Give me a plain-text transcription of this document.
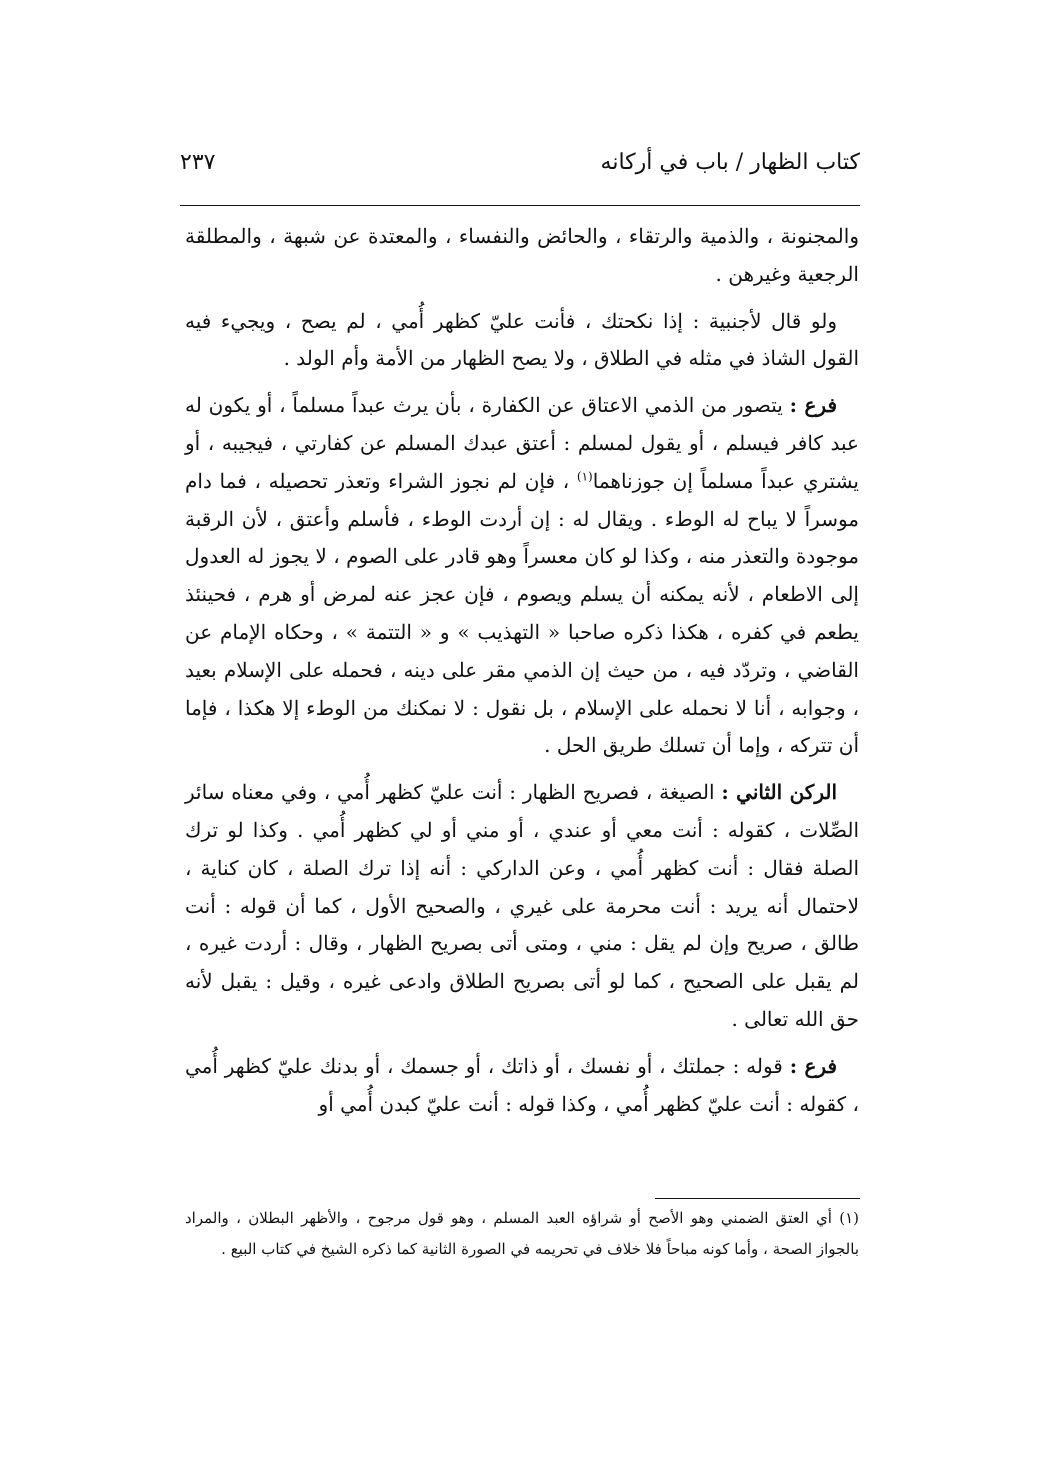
كتاب الظهار / باب في أركانه
٢٣٧

والمجنونة ، والذمية والرتقاء ، والحائض والنفساء ، والمعتدة عن شبهة ، والمطلقة الرجعية وغيرهن .

ولو قال لأجنبية : إذا نكحتك ، فأنت عليّ كظهر أُمي ، لم يصح ، ويجيء فيه القول الشاذ في مثله في الطلاق ، ولا يصح الظهار من الأمة وأم الولد .

فرع : يتصور من الذمي الاعتاق عن الكفارة ، بأن يرث عبداً مسلماً ، أو يكون له عبد كافر فيسلم ، أو يقول لمسلم : أعتق عبدك المسلم عن كفارتي ، فيجيبه ، أو يشتري عبداً مسلماً إن جوزناهما$^{(١)}$ ، فإن لم نجوز الشراء وتعذر تحصيله ، فما دام موسراً لا يباح له الوطء . ويقال له : إن أردت الوطء ، فأسلم وأعتق ، لأن الرقبة موجودة والتعذر منه ، وكذا لو كان معسراً وهو قادر على الصوم ، لا يجوز له العدول إلى الاطعام ، لأنه يمكنه أن يسلم ويصوم ، فإن عجز عنه لمرض أو هرم ، فحينئذ يطعم في كفره ، هكذا ذكره صاحبا « التهذيب » و « التتمة » ، وحكاه الإمام عن القاضي ، وتردّد فيه ، من حيث إن الذمي مقر على دينه ، فحمله على الإسلام بعيد ، وجوابه ، أنا لا نحمله على الإسلام ، بل نقول : لا نمكنك من الوطء إلا هكذا ، فإما أن تتركه ، وإما أن تسلك طريق الحل .

الركن الثاني : الصيغة ، فصريح الظهار : أنت عليّ كظهر أُمي ، وفي معناه سائر الصِّلات ، كقوله : أنت معي أو عندي ، أو مني أو لي كظهر أُمي . وكذا لو ترك الصلة فقال : أنت كظهر أُمي ، وعن الداركي : أنه إذا ترك الصلة ، كان كناية ، لاحتمال أنه يريد : أنت محرمة على غيري ، والصحيح الأول ، كما أن قوله : أنت طالق ، صريح وإن لم يقل : مني ، ومتى أتى بصريح الظهار ، وقال : أردت غيره ، لم يقبل على الصحيح ، كما لو أتى بصريح الطلاق وادعى غيره ، وقيل : يقبل لأنه حق الله تعالى .

فرع : قوله : جملتك ، أو نفسك ، أو ذاتك ، أو جسمك ، أو بدنك عليّ كظهر أُمي ، كقوله : أنت عليّ كظهر أُمي ، وكذا قوله : أنت عليّ كبدن أُمي أو

(١) أي العتق الضمني وهو الأصح أو شراؤه العبد المسلم ، وهو قول مرجوح ، والأظهر البطلان ، والمراد بالجواز الصحة ، وأما كونه مباحاً فلا خلاف في تحريمه في الصورة الثانية كما ذكره الشيخ في كتاب البيع .
